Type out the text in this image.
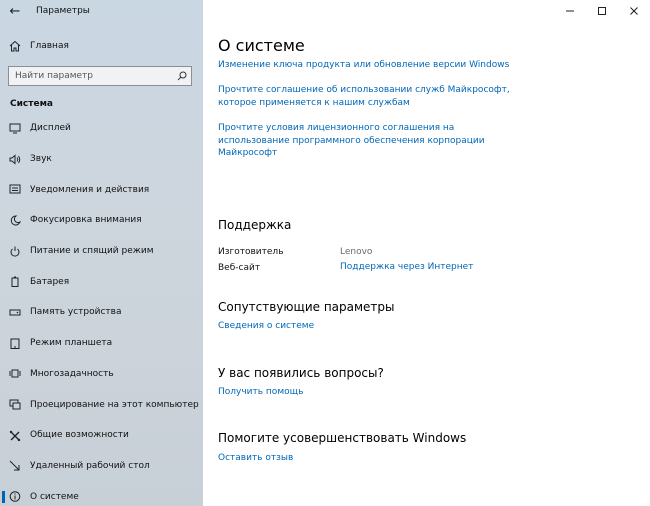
← Параметры
Главная
Найти параметр
Система
Дисплей
Звук
Уведомления и действия
Фокусировка внимания
Питание и спящий режим
Батарея
Память устройства
Режим планшета
Многозадачность
Проецирование на этот компьютер
Общие возможности
Удаленный рабочий стол
О системе
О системе
Изменение ключа продукта или обновление версии Windows
Прочтите соглашение об использовании служб Майкрософт,
которое применяется к нашим службам
Прочтите условия лицензионного соглашения на
использование программного обеспечения корпорации
Майкрософт
Поддержка
Изготовитель	Lenovo
Веб-сайт	Поддержка через Интернет
Сопутствующие параметры
Сведения о системе
У вас появились вопросы?
Получить помощь
Помогите усовершенствовать Windows
Оставить отзыв
